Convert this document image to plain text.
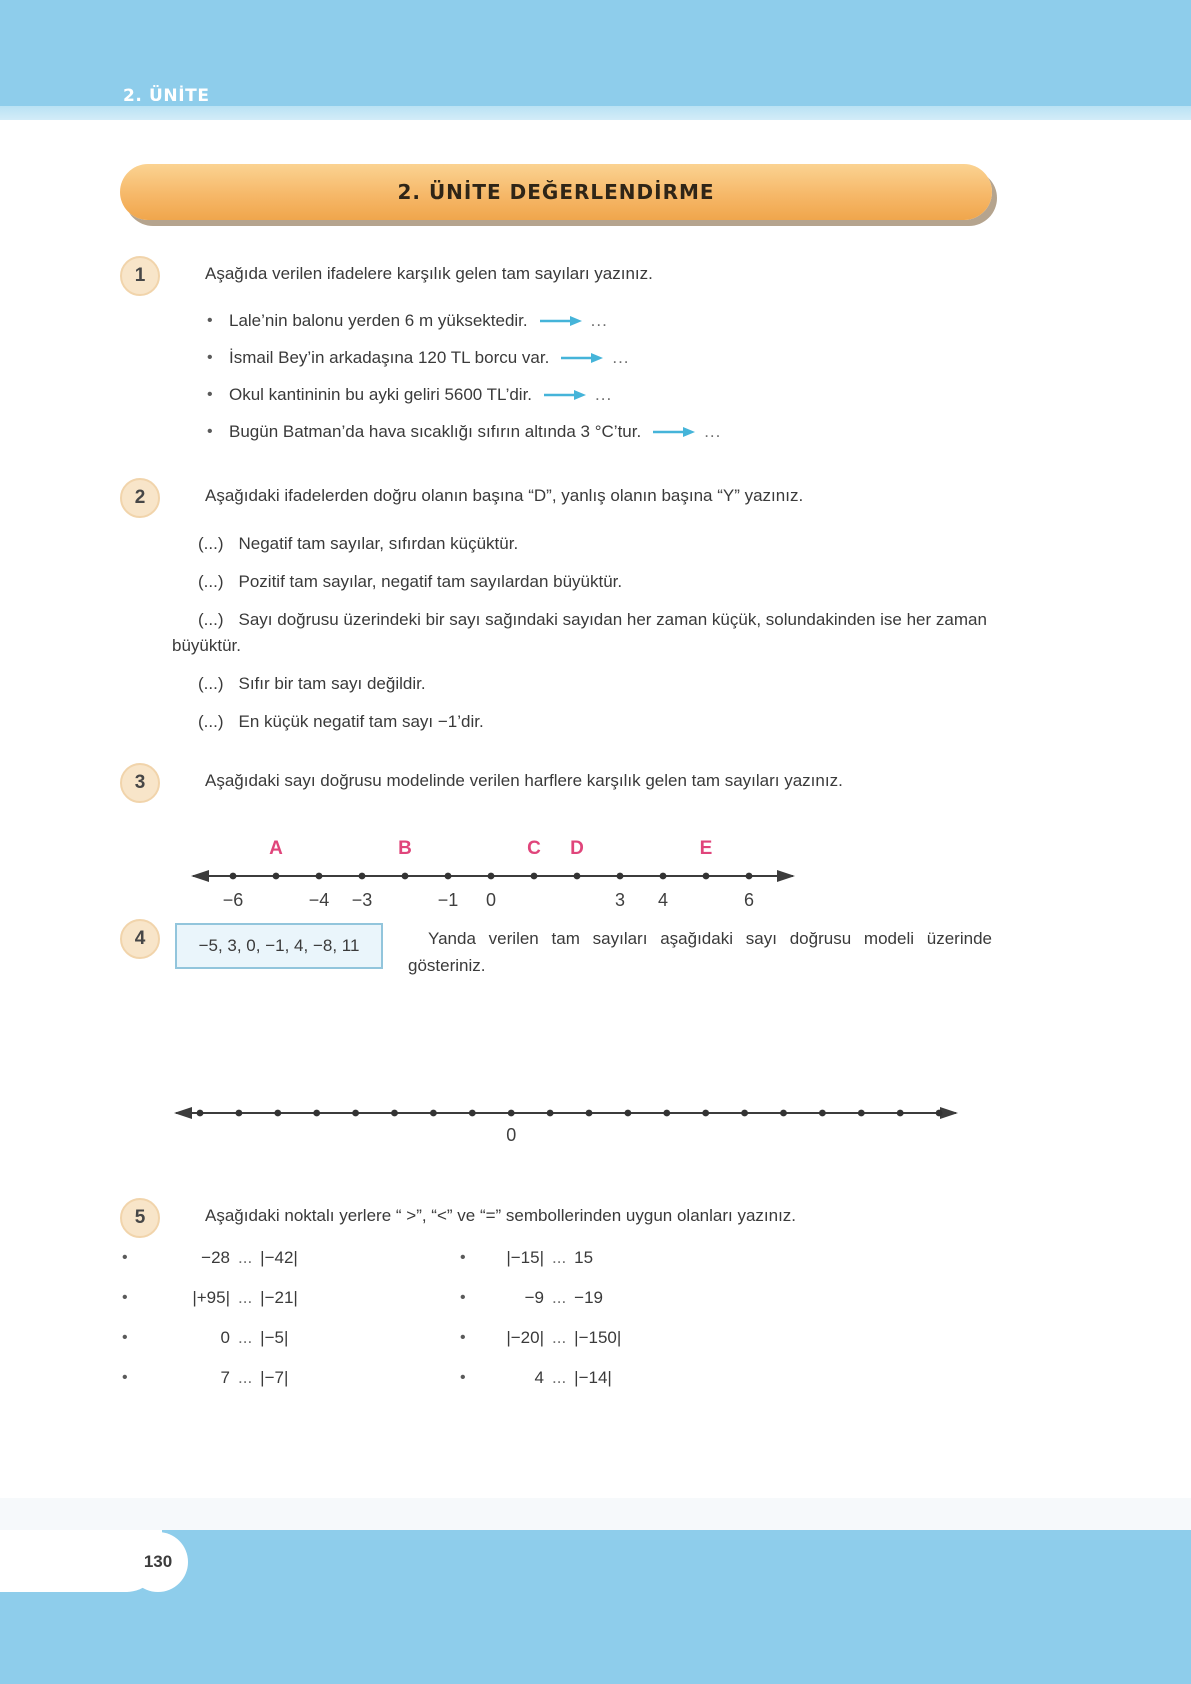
2. ÜNİTE
2. ÜNİTE DEĞERLENDİRME
1	Aşağıda verilen ifadelere karşılık gelen tam sayıları yazınız.

• Lale’nin balonu yerden 6 m yüksektedir.	...
• İsmail Bey’in arkadaşına 120 TL borcu var.	...
• Okul kantininin bu ayki geliri 5600 TL’dir.	...
• Bugün Batman’da hava sıcaklığı sıfırın altında 3 °C’tur.	...
2	Aşağıdaki ifadelerden doğru olanın başına “D”, yanlış olanın başına “Y” yazınız.

(...) Negatif tam sayılar, sıfırdan küçüktür.

(...) Pozitif tam sayılar, negatif tam sayılardan büyüktür.

(...) Sayı doğrusu üzerindeki bir sayı sağındaki sayıdan her zaman küçük, solundakinden ise her zaman büyüktür.

(...) Sıfır bir tam sayı değildir.

(...) En küçük negatif tam sayı −1’dir.

3	Aşağıdaki sayı doğrusu modelinde verilen harflere karşılık gelen tam sayıları yazınız.

−6	−4 −3	−1 0	3 4	6
A	B	C D	E
4	−5, 3, 0, −1, 4, −8, 11	Yanda verilen tam sayıları aşağıdaki sayı doğrusu modeli üzerinde gösteriniz.

0
5	Aşağıdaki noktalı yerlere “ >”, “<” ve “=” sembollerinden uygun olanları yazınız.

•	−28 ... |−42|
•	|+95| ... |−21|
•	0 ... |−5|
•	7 ... |−7|
•	|−15| ... 15
•	−9 ... −19
•	|−20| ... |−150|
•	4 ... |−14|
130
